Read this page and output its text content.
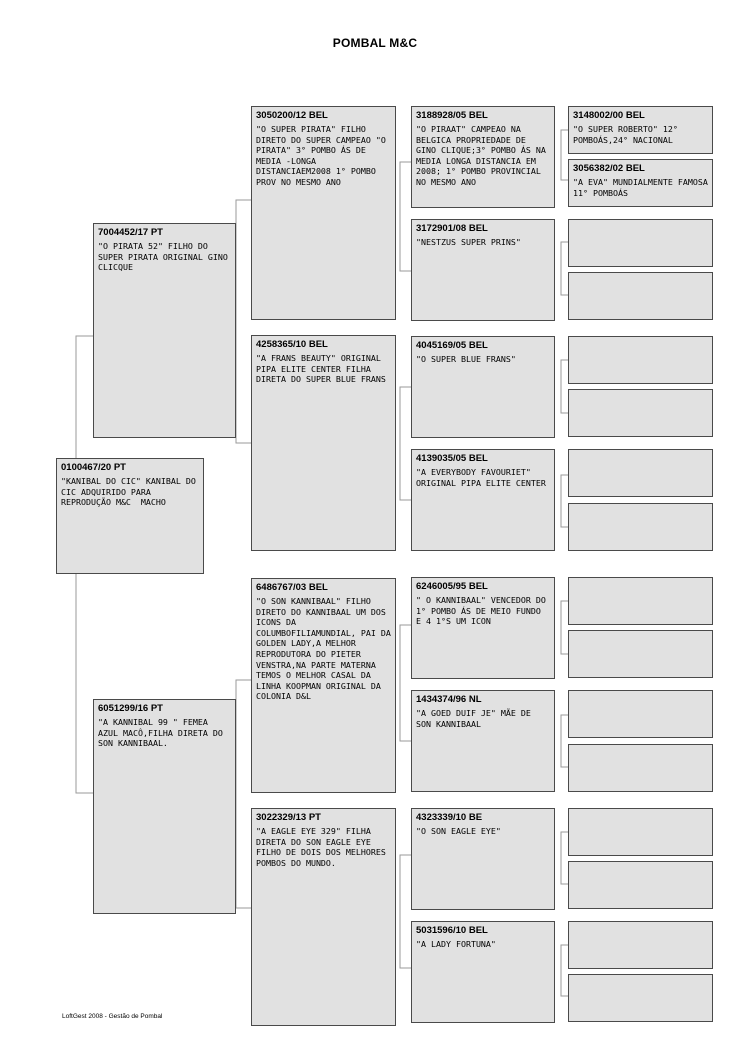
POMBAL M&C
0100467/20 PT
"KANIBAL DO CIC" KANIBAL DO CIC ADQUIRIDO PARA REPRODUÇÃO M&C  MACHO
7004452/17 PT
"O PIRATA 52" FILHO DO SUPER PIRATA ORIGINAL GINO CLICQUE
6051299/16 PT
"A KANNIBAL 99 " FEMEA AZUL MACÔ,FILHA DIRETA DO SON KANNIBAAL.
3050200/12 BEL
"O SUPER PIRATA" FILHO DIRETO DO SUPER CAMPEAO "O PIRATA" 3° POMBO ÁS DE MEDIA -LONGA DISTANCIAEM2008 1° POMBO PROV NO MESMO ANO
4258365/10 BEL
"A FRANS BEAUTY" ORIGINAL PIPA ELITE CENTER FILHA DIRETA DO SUPER BLUE FRANS
6486767/03 BEL
"O SON KANNIBAAL" FILHO DIRETO DO KANNIBAAL UM DOS ICONS DA COLUMBOFILIAMUNDIAL, PAI DA GOLDEN LADY,A MELHOR REPRODUTORA DO PIETER VENSTRA,NA PARTE MATERNA TEMOS O MELHOR CASAL DA LINHA KOOPMAN ORIGINAL DA COLONIA D&L
3022329/13 PT
"A EAGLE EYE 329" FILHA DIRETA DO SON EAGLE EYE FILHO DE DOIS DOS MELHORES POMBOS DO MUNDO.
3188928/05 BEL
"O PIRAAT" CAMPEAO NA BELGICA PROPRIEDADE DE GINO CLIQUE;3° POMBO ÁS NA MEDIA LONGA DISTANCIA EM 2008; 1° POMBO PROVINCIAL NO MESMO ANO
3172901/08 BEL
"NESTZUS SUPER PRINS"
4045169/05 BEL
"O SUPER BLUE FRANS"
4139035/05 BEL
"A EVERYBODY FAVOURIET" ORIGINAL PIPA ELITE CENTER
6246005/95 BEL
" O KANNIBAAL" VENCEDOR DO 1° POMBO ÁS DE MEIO FUNDO E 4 1°S UM ICON
1434374/96 NL
"A GOED DUIF JE" MÃE DE SON KANNIBAAL
4323339/10 BE
"O SON EAGLE EYE"
5031596/10 BEL
"A LADY FORTUNA"
3148002/00 BEL
"O SUPER ROBERTO" 12° POMBOÁS,24° NACIONAL
3056382/02 BEL
"A EVA" MUNDIALMENTE FAMOSA  11° POMBOÁS
LoftGest 2008 - Gestão de Pombal
